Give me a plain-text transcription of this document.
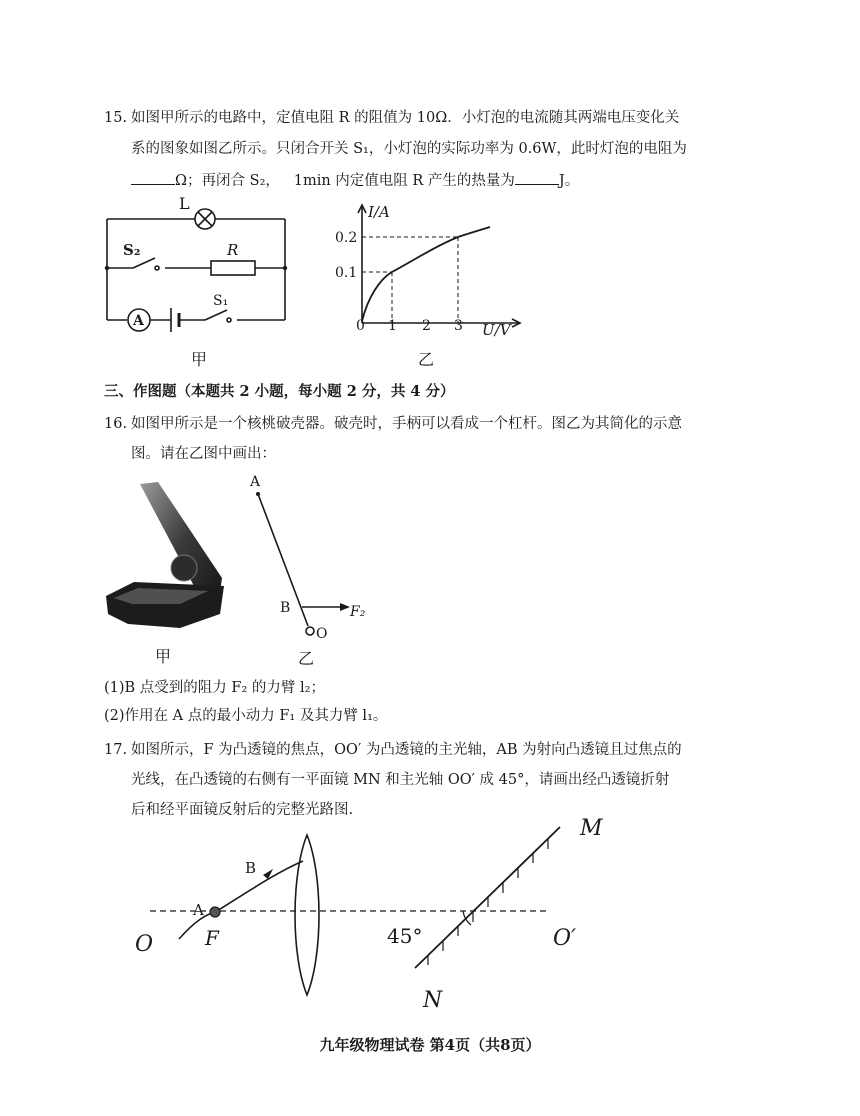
15. 如图甲所示的电路中，定值电阻 R 的阻值为 10Ω．小灯泡的电流随其两端电压变化关
系的图象如图乙所示。只闭合开关 S₁，小灯泡的实际功率为 0.6W，此时灯泡的电阻为
Ω；再闭合 S₂， 1min 内定值电阻 R 产生的热量为	J。
L
S₂	R
A
S₁
甲
I/A
0.2
0.1
0 1 2 3 U/V
乙
三、作图题（本题共 2 小题，每小题 2 分，共 4 分）
16. 如图甲所示是一个核桃破壳器。破壳时，手柄可以看成一个杠杆。图乙为其简化的示意
图。请在乙图中画出：
甲
A
B
O
F₂
乙
(1)B 点受到的阻力 F₂ 的力臂 l₂；
(2)作用在 A 点的最小动力 F₁ 及其力臂 l₁。
17. 如图所示，F 为凸透镜的焦点，OO′ 为凸透镜的主光轴，AB 为射向凸透镜且过焦点的
光线，在凸透镜的右侧有一平面镜 MN 和主光轴 OO′ 成 45°，请画出经凸透镜折射
后和经平面镜反射后的完整光路图.
O
A
F
B
45°	O′
M
N
九年级物理试卷 第4页（共8页）
